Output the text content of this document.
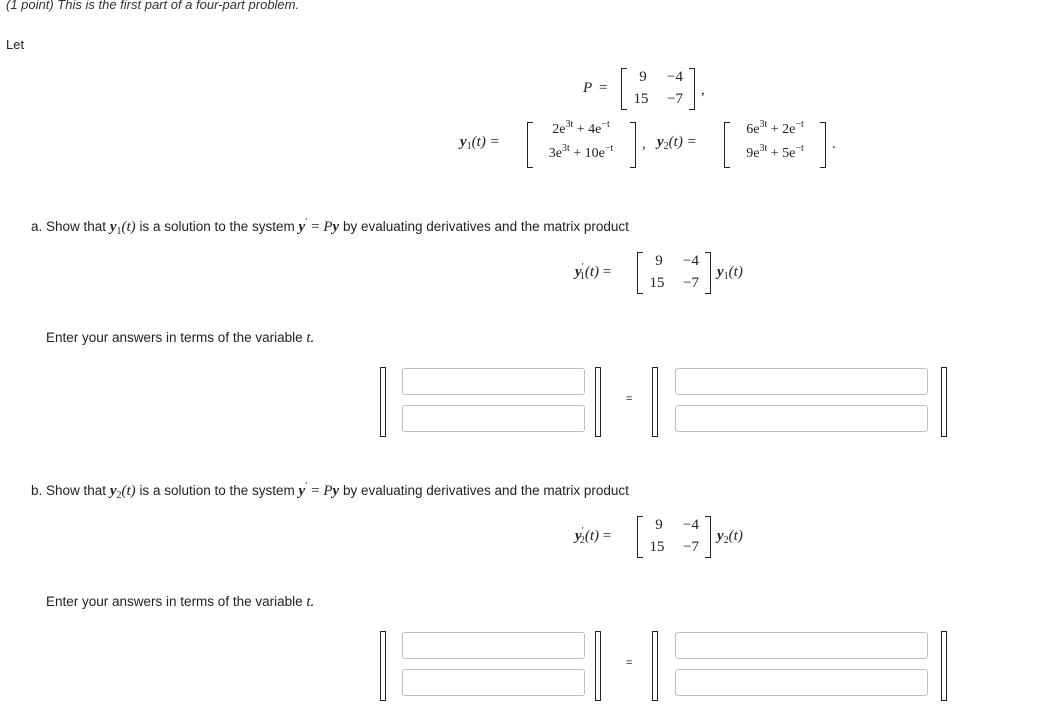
(1 point) This is the first part of a four-part problem.
Let
P =
9	−4
15	−7
,
$y_1(t)$ =
$2e^{3t} + 4e^{-t}$
$3e^{3t} + 10e^{-t}$	, $y_2(t)$ =
$6e^{3t} + 2e^{-t}$
$9e^{3t} + 5e^{-t}$	.
a. Show that $y_1(t)$ is a solution to the system y′ = Py by evaluating derivatives and the matrix product
$y'_1(t)$ =
9	−4
15	−7
$y_1(t)$
Enter your answers in terms of the variable t.
=
b. Show that $y_2(t)$ is a solution to the system y′ = Py by evaluating derivatives and the matrix product
$y'_2(t)$ =
9	−4
15	−7
$y_2(t)$
Enter your answers in terms of the variable t.
=
